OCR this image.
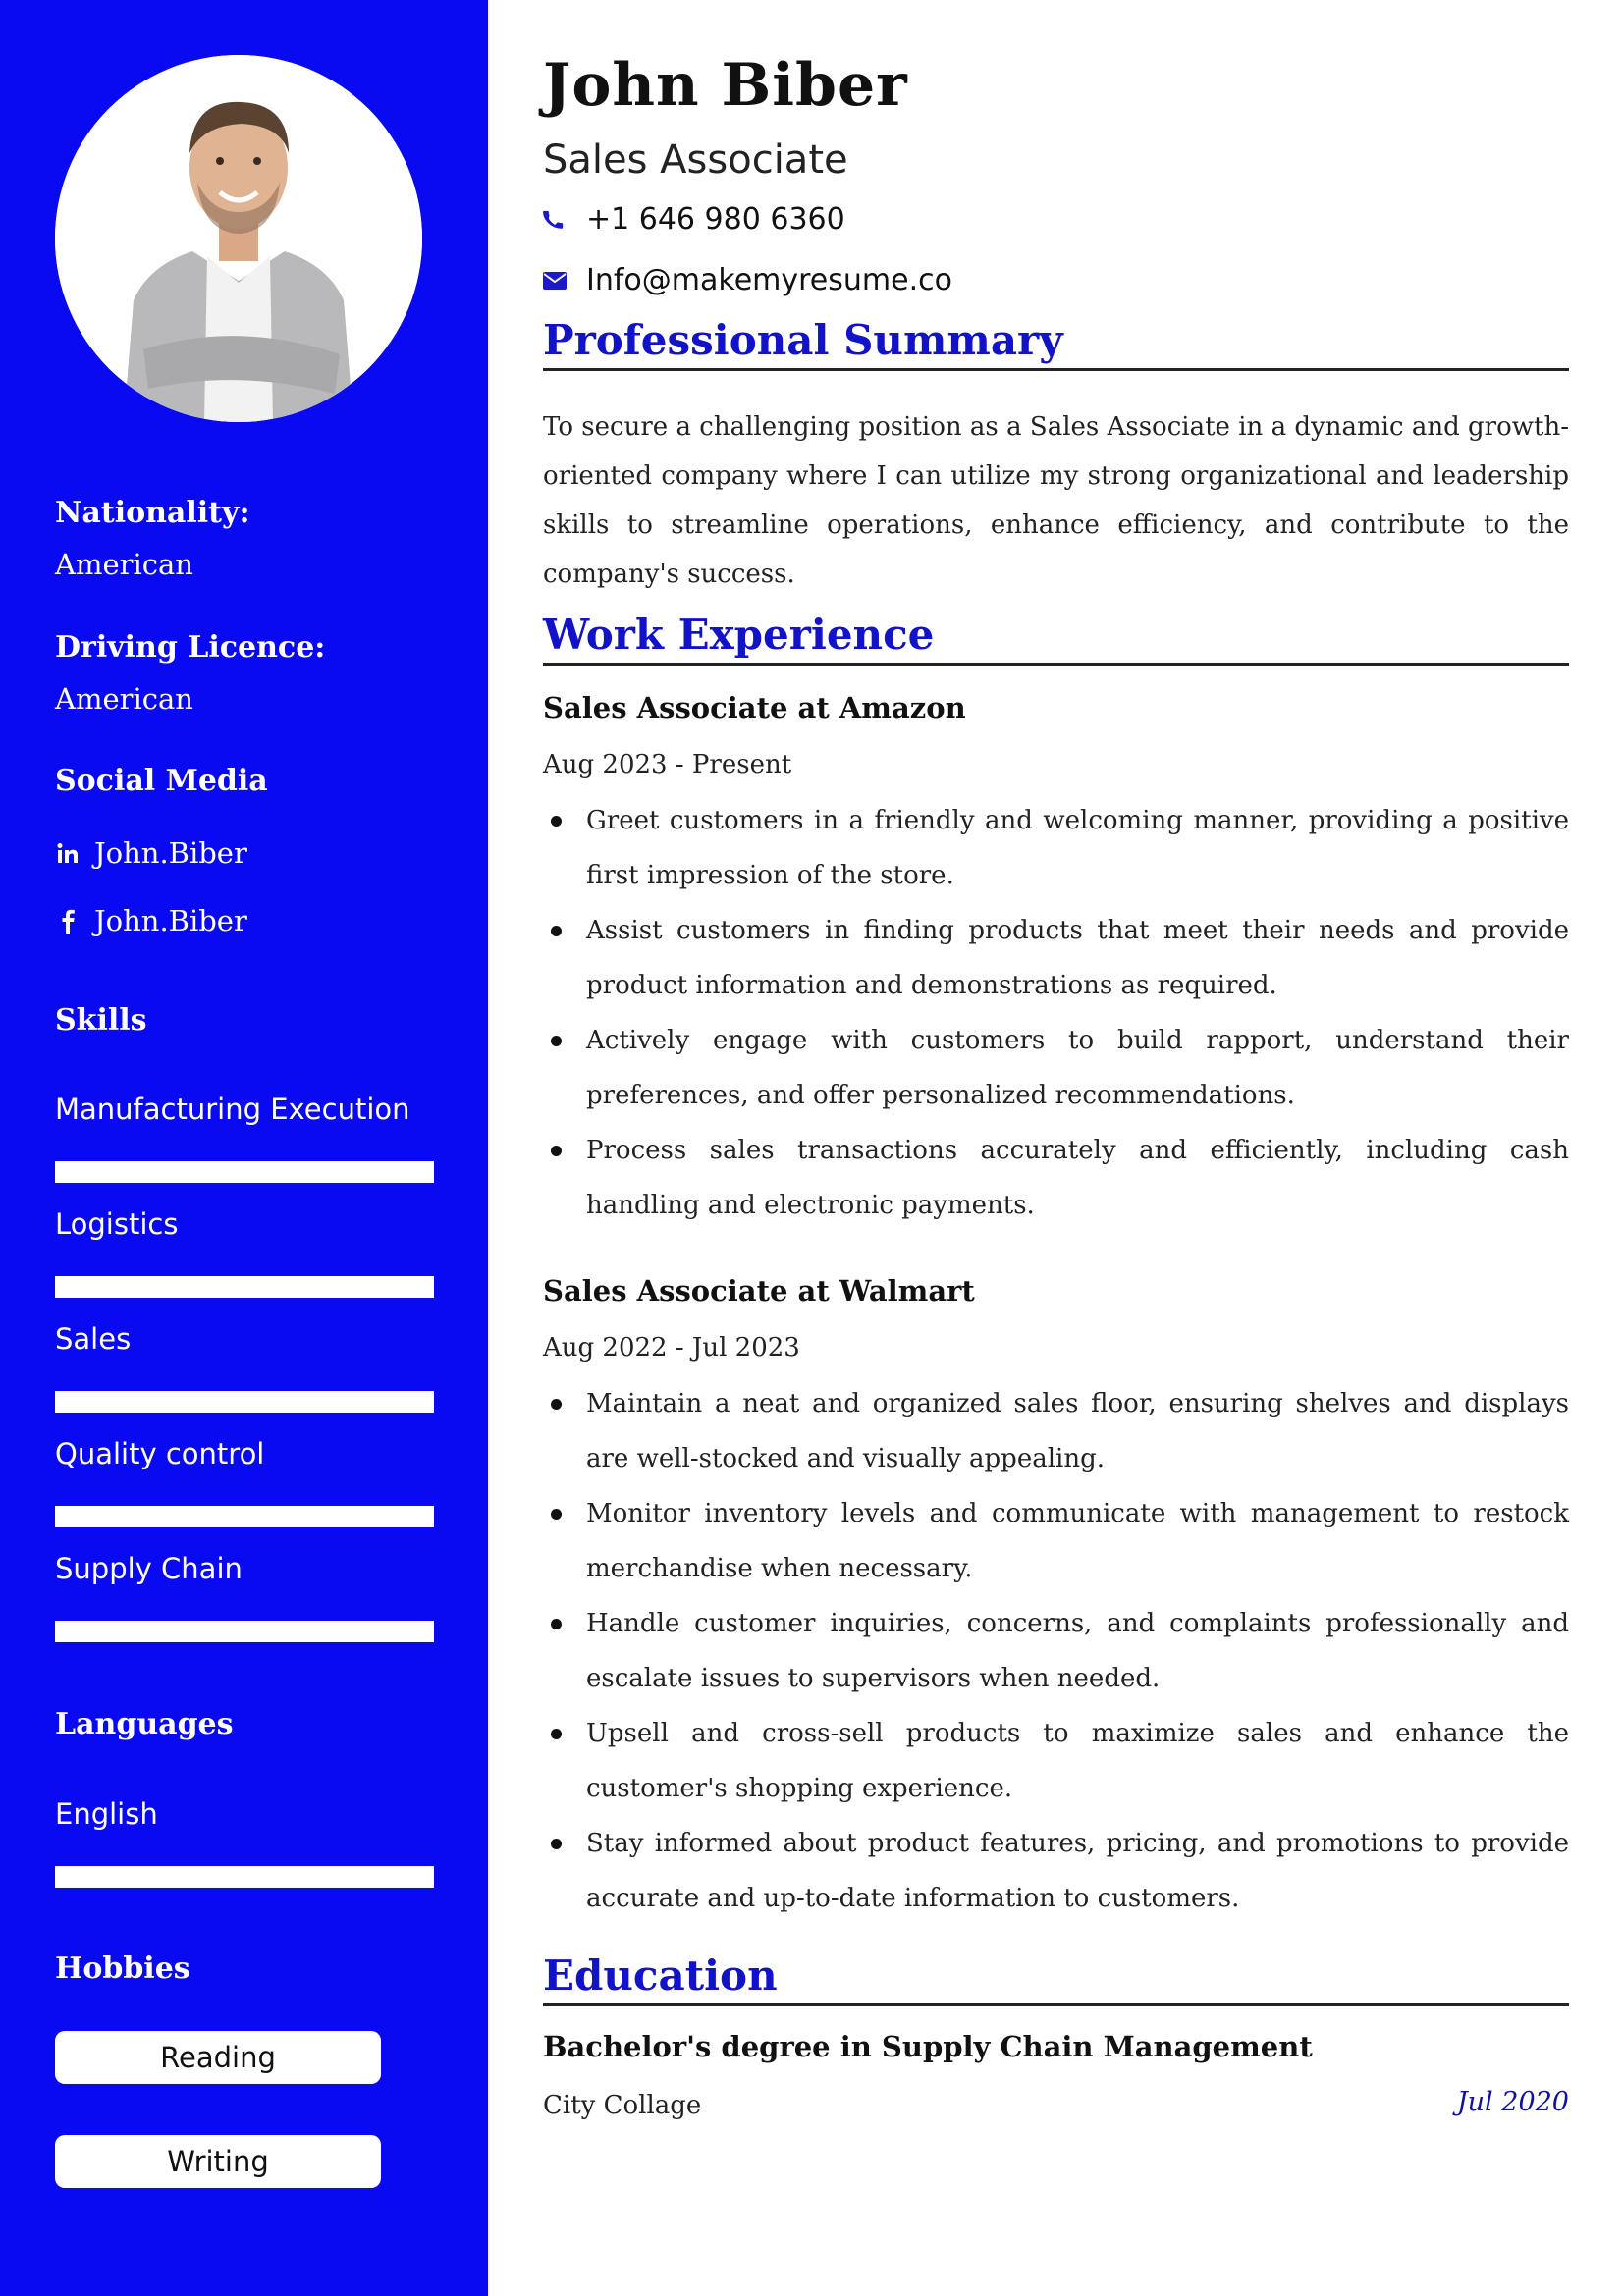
Nationality:
American
Driving Licence:
American
Social Media
John.Biber
John.Biber
Skills
Manufacturing Execution
Logistics
Sales
Quality control
Supply Chain
Languages
English
Hobbies
Reading
Writing
John Biber
Sales Associate
+1 646 980 6360
Info@makemyresume.co
Professional Summary
To secure a challenging position as a Sales Associate in a dynamic and growth-oriented company where I can utilize my strong organizational and leadership skills to streamline operations, enhance efficiency, and contribute to the company's success.
Work Experience
Sales Associate at Amazon
Aug 2023 - Present
Greet customers in a friendly and welcoming manner, providing a positive first impression of the store.
Assist customers in finding products that meet their needs and provide product information and demonstrations as required.
Actively engage with customers to build rapport, understand their preferences, and offer personalized recommendations.
Process sales transactions accurately and efficiently, including cash handling and electronic payments.
Sales Associate at Walmart
Aug 2022 - Jul 2023
Maintain a neat and organized sales floor, ensuring shelves and displays are well-stocked and visually appealing.
Monitor inventory levels and communicate with management to restock merchandise when necessary.
Handle customer inquiries, concerns, and complaints professionally and escalate issues to supervisors when needed.
Upsell and cross-sell products to maximize sales and enhance the customer's shopping experience.
Stay informed about product features, pricing, and promotions to provide accurate and up-to-date information to customers.
Education
Bachelor's degree in Supply Chain Management
City Collage	Jul 2020
